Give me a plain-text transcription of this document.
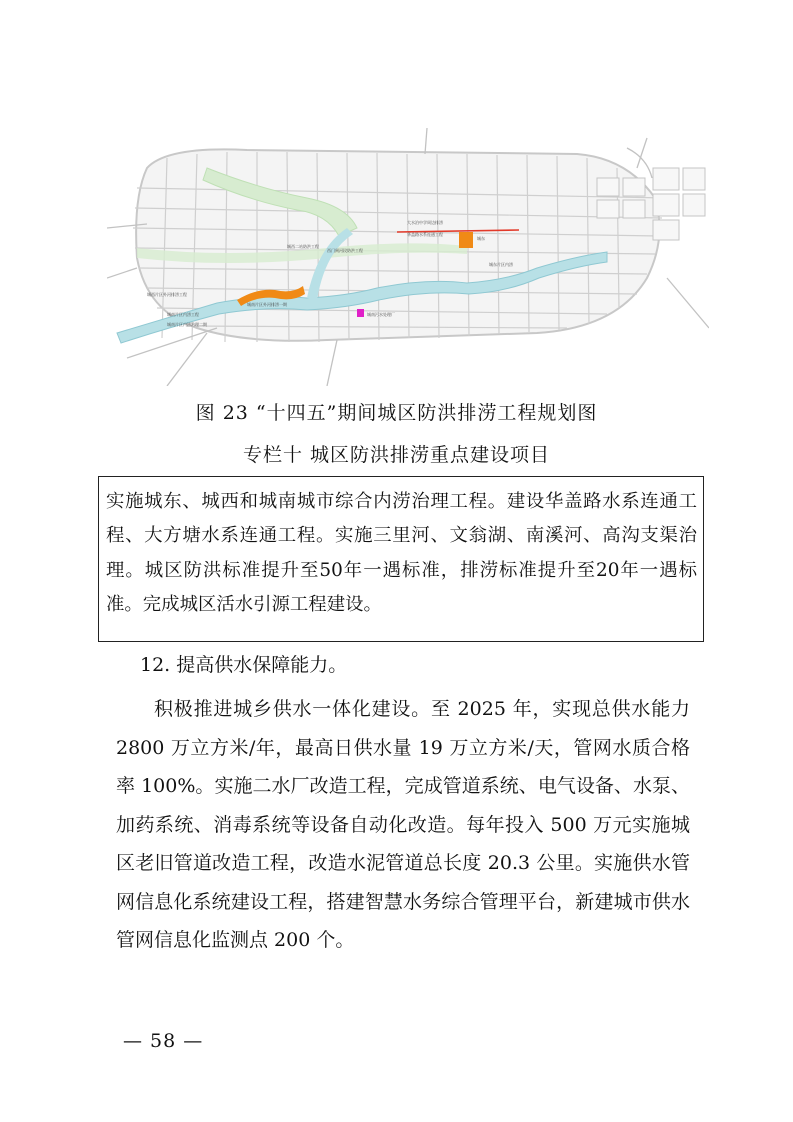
大水泊中学周边排涝
华盖路水系连通工程
城西二站防洪工程
西门闸河段防洪工程
城西片区外河排涝工程
城东
城东片区内涝
城南片区外河排涝一期
城南片区内涝工程
城南片区内涝治理二期
城南污水处理厂
图 23 “十四五”期间城区防洪排涝工程规划图
专栏十 城区防洪排涝重点建设项目
实施城东、城西和城南城市综合内涝治理工程。建设华盖路水系连通工程、大方塘水系连通工程。实施三里河、文翁湖、南溪河、高沟支渠治理。城区防洪标准提升至50年一遇标准，排涝标准提升至20年一遇标准。完成城区活水引源工程建设。
12. 提高供水保障能力。
积极推进城乡供水一体化建设。至 2025 年，实现总供水能力 2800 万立方米/年，最高日供水量 19 万立方米/天，管网水质合格率 100%。实施二水厂改造工程，完成管道系统、电气设备、水泵、加药系统、消毒系统等设备自动化改造。每年投入 500 万元实施城区老旧管道改造工程，改造水泥管道总长度 20.3 公里。实施供水管网信息化系统建设工程，搭建智慧水务综合管理平台，新建城市供水管网信息化监测点 200 个。
— 58 —
